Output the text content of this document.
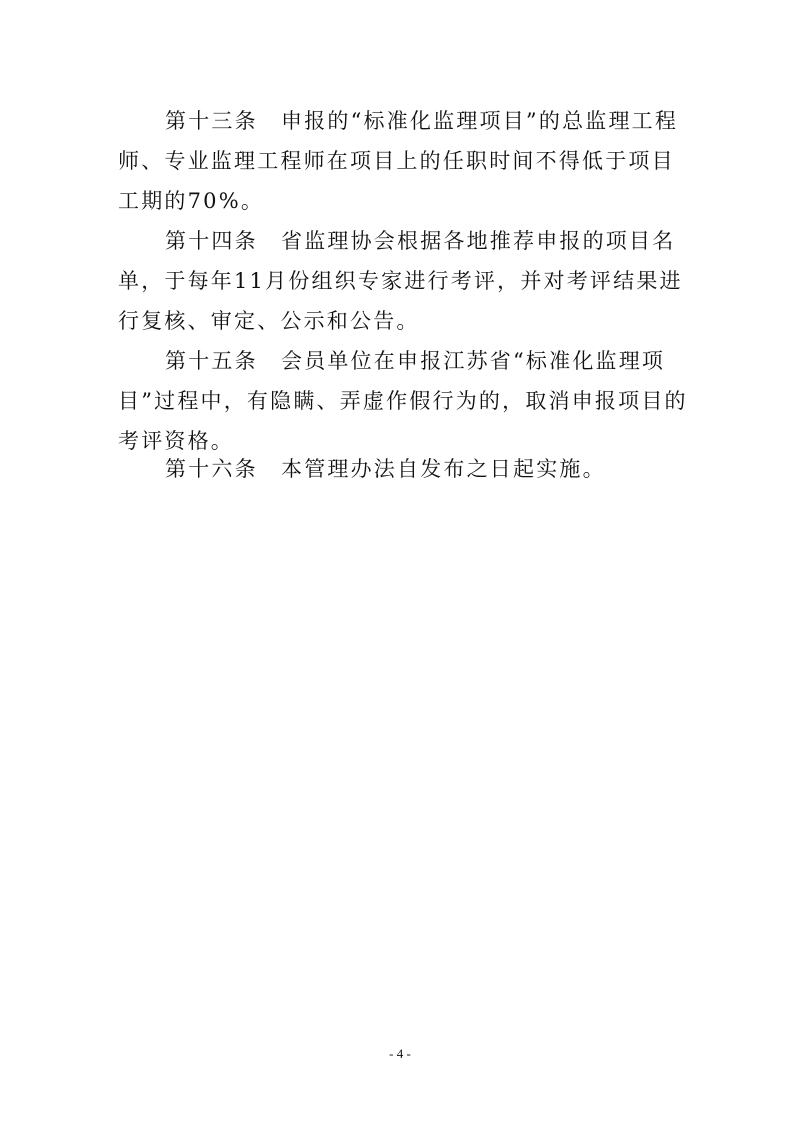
第十三条　申报的“标准化监理项目”的总监理工程师、专业监理工程师在项目上的任职时间不得低于项目工期的70%。

第十四条　省监理协会根据各地推荐申报的项目名单，于每年11月份组织专家进行考评，并对考评结果进行复核、审定、公示和公告。

第十五条　会员单位在申报江苏省“标准化监理项目”过程中，有隐瞒、弄虚作假行为的，取消申报项目的考评资格。

第十六条　本管理办法自发布之日起实施。

- 4 -
